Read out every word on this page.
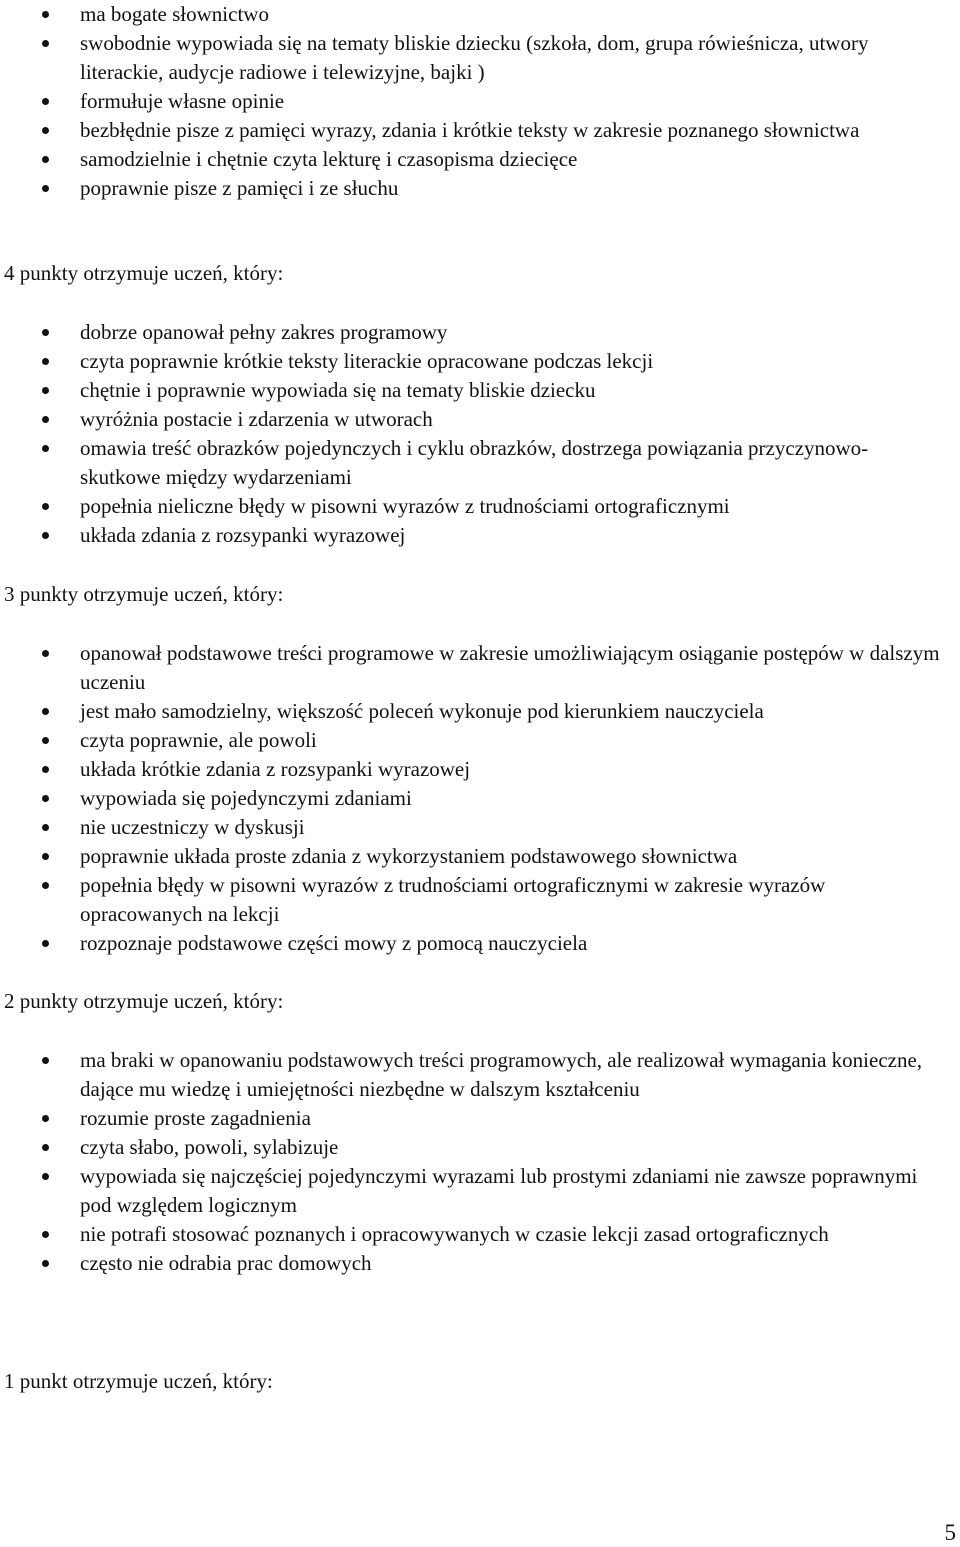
ma bogate słownictwo
swobodnie wypowiada się na tematy bliskie dziecku (szkoła, dom, grupa rówieśnicza, utwory literackie, audycje radiowe i telewizyjne, bajki )
formułuje własne opinie
bezbłędnie pisze z pamięci wyrazy, zdania i krótkie teksty w zakresie poznanego słownictwa
samodzielnie i chętnie czyta lekturę i czasopisma dziecięce
poprawnie pisze z pamięci i ze słuchu
4 punkty otrzymuje uczeń, który:
dobrze opanował pełny zakres programowy
czyta poprawnie krótkie teksty literackie opracowane podczas lekcji
chętnie i poprawnie wypowiada się na tematy bliskie dziecku
wyróżnia postacie i zdarzenia w utworach
omawia treść obrazków pojedynczych i cyklu obrazków, dostrzega powiązania przyczynowo- skutkowe między wydarzeniami
popełnia nieliczne błędy w pisowni wyrazów z trudnościami ortograficznymi
układa zdania z rozsypanki wyrazowej
3 punkty otrzymuje uczeń, który:
opanował podstawowe treści programowe w zakresie umożliwiającym osiąganie postępów w dalszym uczeniu
jest mało samodzielny, większość poleceń wykonuje pod kierunkiem nauczyciela
czyta poprawnie, ale powoli
układa krótkie zdania z rozsypanki wyrazowej
wypowiada się pojedynczymi zdaniami
nie uczestniczy w dyskusji
poprawnie układa proste zdania z wykorzystaniem podstawowego słownictwa
popełnia błędy w pisowni wyrazów z trudnościami ortograficznymi w zakresie wyrazów opracowanych na lekcji
rozpoznaje podstawowe części mowy z pomocą nauczyciela
2 punkty otrzymuje uczeń, który:
ma braki w opanowaniu podstawowych treści programowych, ale realizował wymagania konieczne, dające mu wiedzę i umiejętności niezbędne w dalszym kształceniu
rozumie proste zagadnienia
czyta słabo, powoli, sylabizuje
wypowiada się najczęściej pojedynczymi wyrazami lub prostymi zdaniami nie zawsze poprawnymi pod względem logicznym
nie potrafi stosować poznanych i opracowywanych w czasie lekcji zasad ortograficznych
często nie odrabia prac domowych
1 punkt otrzymuje uczeń, który:
5
